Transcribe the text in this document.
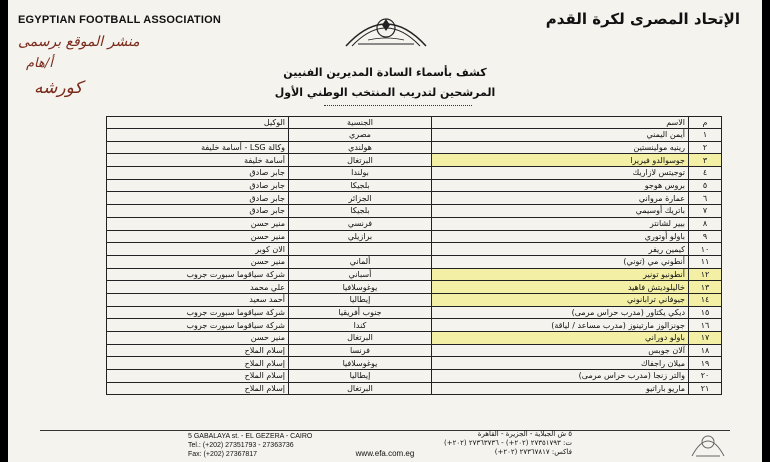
EGYPTIAN FOOTBALL ASSOCIATION	الإتحاد المصرى لكرة القدم
منشر الموقع برسمى
أ/هام
كورشه
كشف بأسماء السادة المديرين الفنيين
المرشحين لتدريب المنتخب الوطني الأول
م	الاسم	الجنسية	الوكيل
١	أيمن اليمني	مصري	
٢	رينيه مولينستين	هولندي	وكالة LSG - أسامة خليفة
٣	جوسوالدو فيريرا	البرتغال	أسامة خليفة
٤	توجيتس لازاريك	بولندا	جابر صادق
٥	بروس هوجو	بلجيكا	جابر صادق
٦	عمارة مرواني	الجزائر	جابر صادق
٧	باتريك أوسيمي	بلجيكا	جابر صادق
٨	بيير لشانتر	فرنسي	منير حسن
٩	باولو أوتوري	برازيلي	منير حسن
١٠	كيمين ريفر		الان كوبر
١١	أنطوني مي (توني)	ألماني	منير حسن
١٢	أنطونيو تونير	أسباني	شركة سياقوما سبورت جروب
١٣	خاليلوديتش فاهيد	يوغوسلافيا	علي محمد
١٤	جيوفاني ترابانوني	إيطاليا	أحمد سعيد
١٥	ديكي يكتاور (مدرب حراس مرمى)	جنوب أفريقيا	شركة سياقوما سبورت جروب
١٦	جونزالوز مارتينوز (مدرب مساعد / لياقة)	كندا	شركة سياقوما سبورت جروب
١٧	باولو دوراني	البرتغال	منير حسن
١٨	آلان جوبس	فرنسا	إسلام الملاح
١٩	ميلان راجفاك	يوغوسلافيا	إسلام الملاح
٢٠	والتر زنجا (مدرب حراس مرمى)	إيطاليا	إسلام الملاح
٢١	ماريو باراتيو	البرتغال	إسلام الملاح
5 GABALAYA st. - EL GEZERA - CAIRO
Tel.: (+202) 27351793 - 27363736
Fax: (+202) 27367817
٥ ش الجبلاية - الجزيرة - القاهرة
ت: ٢٧٣٥١٧٩٣ (٢٠٢+) - ٢٧٣٦٣٧٣٦ (٢٠٢+)
فاكس: ٢٧٣٦٧٨١٧ (٢٠٢+)
www.efa.com.eg
